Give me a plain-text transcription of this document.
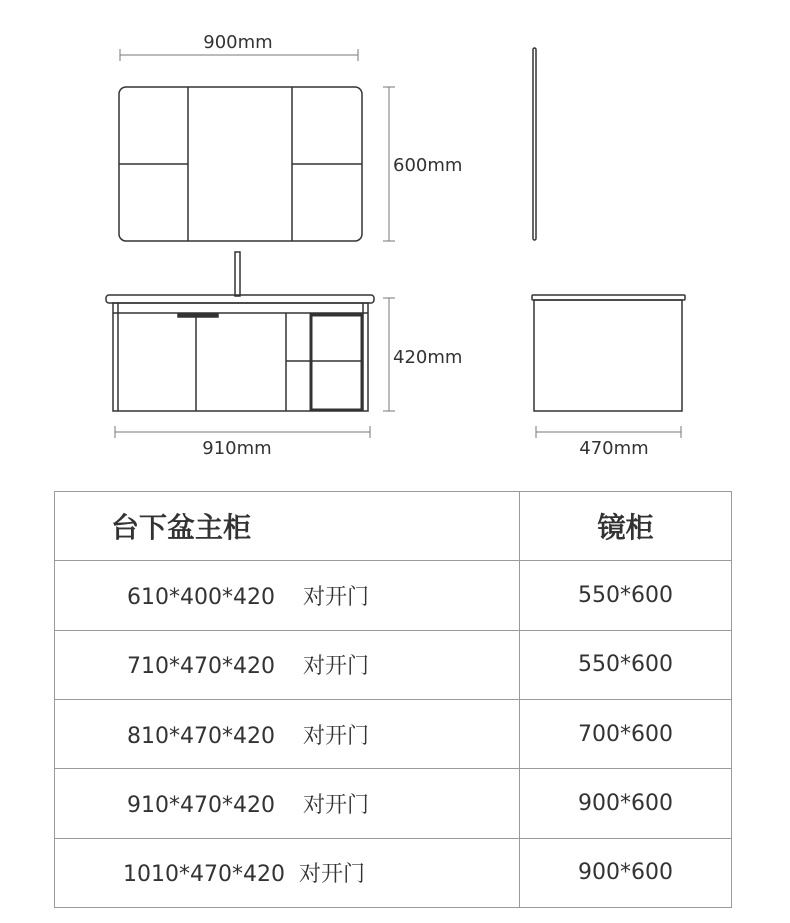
900mm
600mm
420mm
910mm	470mm
台下盆主柜	镜柜
610*400*420 对开门	550*600
710*470*420 对开门	550*600
810*470*420 对开门	700*600
910*470*420 对开门	900*600
1010*470*420 对开门	900*600
